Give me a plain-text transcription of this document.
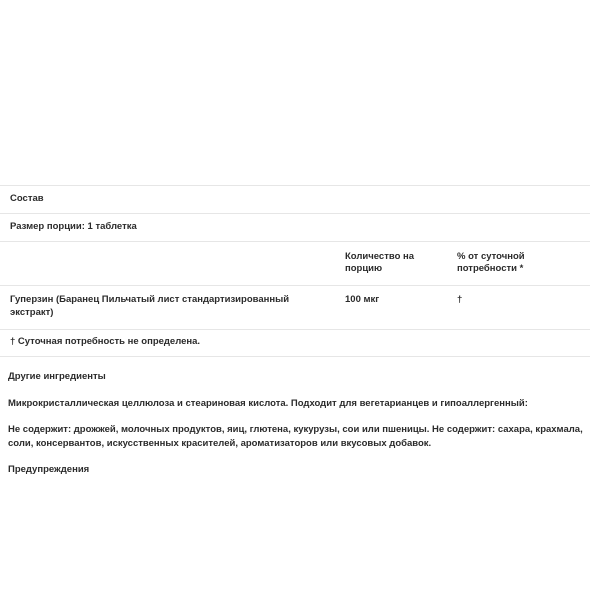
Состав		
Размер порции: 1 таблетка		
	Количество на порцию	% от суточной потребности *
Гуперзин (Баранец Пильчатый лист стандартизированный экстракт)	100 мкг	†
† Суточная потребность не определена.		

Другие ингредиенты

Микрокристаллическая целлюлоза и стеариновая кислота. Подходит для вегетарианцев и гипоаллергенный:

Не содержит: дрожжей, молочных продуктов, яиц, глютена, кукурузы, сои или пшеницы. Не содержит: сахара, крахмала, соли, консервантов, искусственных красителей, ароматизаторов или вкусовых добавок.

Предупреждения
